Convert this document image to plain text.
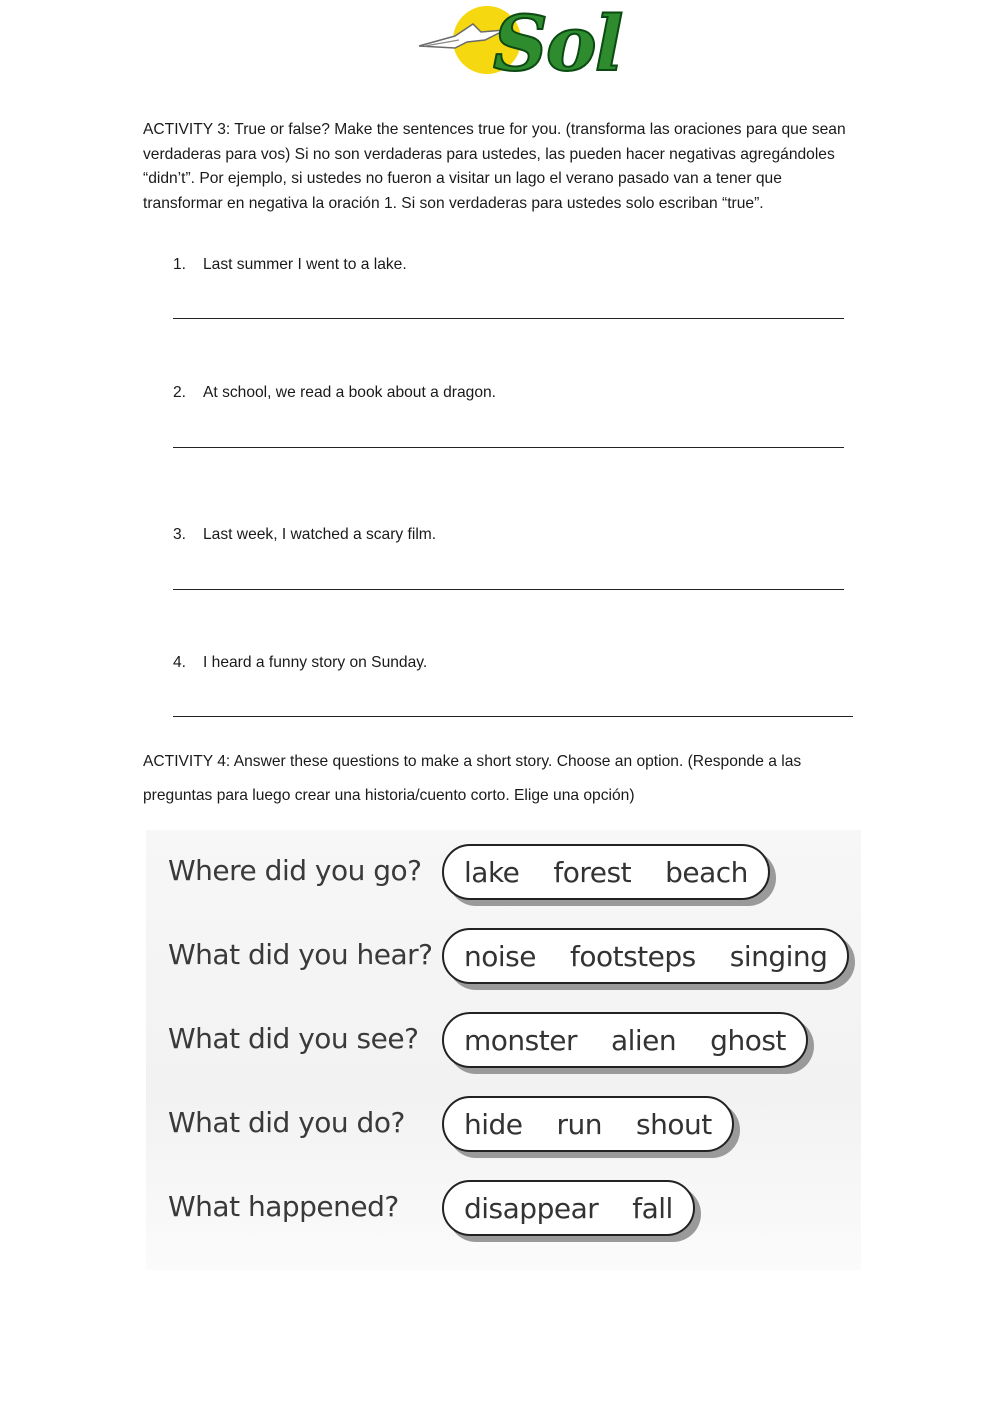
Sol

ACTIVITY 3: True or false? Make the sentences true for you. (transforma las oraciones para que sean verdaderas para vos) Si no son verdaderas para ustedes, las pueden hacer negativas agregándoles “didn’t”. Por ejemplo, si ustedes no fueron a visitar un lago el verano pasado van a tener que transformar en negativa la oración 1. Si son verdaderas para ustedes solo escriban “true”.

1. Last summer I went to a lake.
2. At school, we read a book about a dragon.
3. Last week, I watched a scary film.
4. I heard a funny story on Sunday.

ACTIVITY 4: Answer these questions to make a short story. Choose an option. (Responde a las preguntas para luego crear una historia/cuento corto. Elige una opción)

Where did you go? lake forest beach
What did you hear? noise footsteps singing
What did you see? monster alien ghost
What did you do? hide run shout
What happened? disappear fall
